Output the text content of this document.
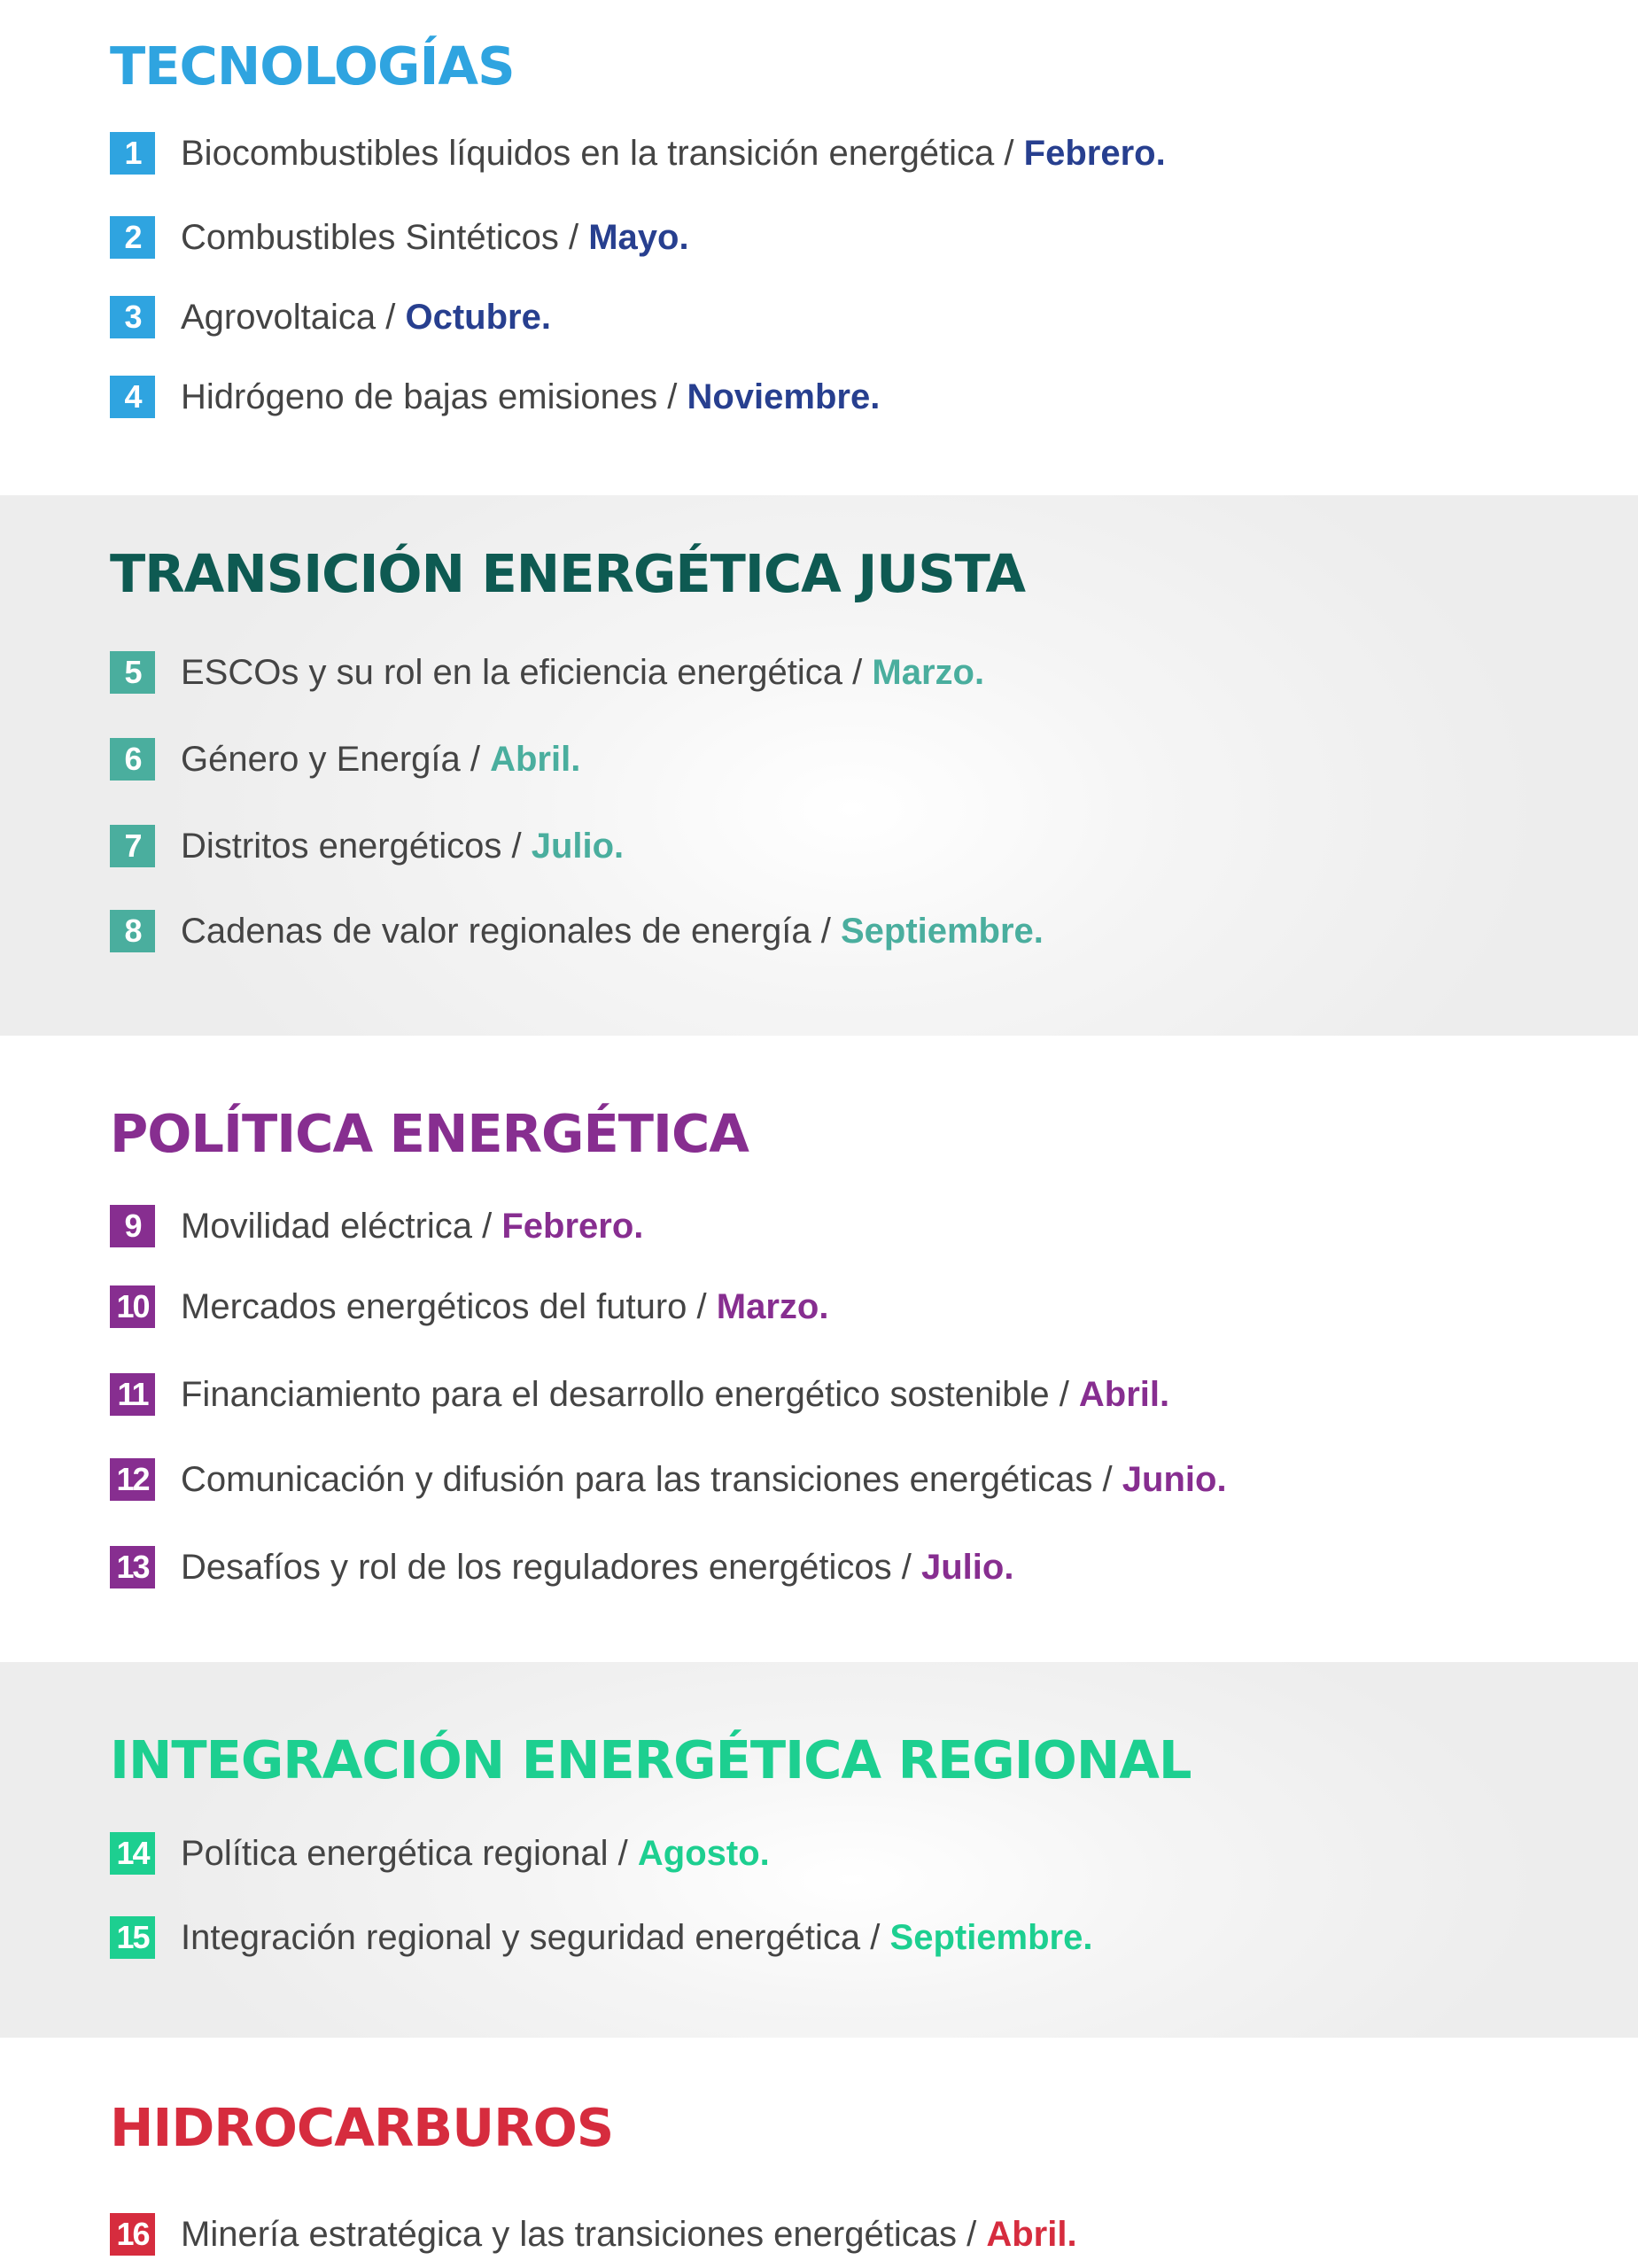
TECNOLOGÍAS
1	Biocombustibles líquidos en la transición energética / Febrero.
2	Combustibles Sintéticos / Mayo.
3	Agrovoltaica / Octubre.
4	Hidrógeno de bajas emisiones / Noviembre.
TRANSICIÓN ENERGÉTICA JUSTA
5	ESCOs y su rol en la eficiencia energética / Marzo.
6	Género y Energía / Abril.
7	Distritos energéticos / Julio.
8	Cadenas de valor regionales de energía / Septiembre.
POLÍTICA ENERGÉTICA
9	Movilidad eléctrica / Febrero.
10 Mercados energéticos del futuro / Marzo.
11 Financiamiento para el desarrollo energético sostenible / Abril.
12 Comunicación y difusión para las transiciones energéticas / Junio.
13 Desafíos y rol de los reguladores energéticos / Julio.
INTEGRACIÓN ENERGÉTICA REGIONAL
14 Política energética regional / Agosto.
15 Integración regional y seguridad energética / Septiembre.
HIDROCARBUROS
16 Minería estratégica y las transiciones energéticas / Abril.
